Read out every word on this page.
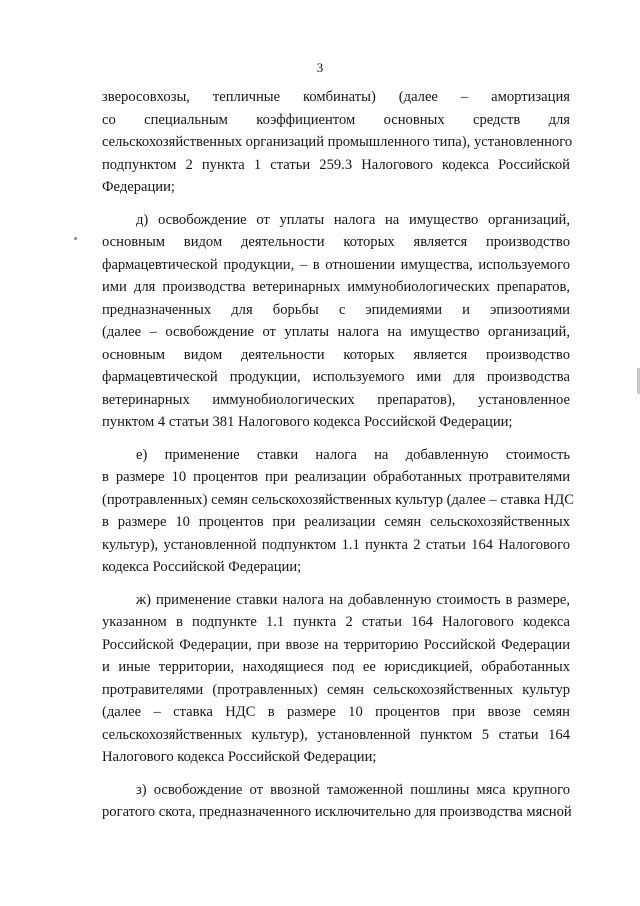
3

зверосовхозы, тепличные комбинаты) (далее – амортизация
со специальным коэффициентом основных средств для
сельскохозяйственных организаций промышленного типа), установленного
подпунктом 2 пункта 1 статьи 259.3 Налогового кодекса Российской
Федерации;

д) освобождение от уплаты налога на имущество организаций,
основным видом деятельности которых является производство
фармацевтической продукции, – в отношении имущества, используемого
ими для производства ветеринарных иммунобиологических препаратов,
предназначенных для борьбы с эпидемиями и эпизоотиями
(далее – освобождение от уплаты налога на имущество организаций,
основным видом деятельности которых является производство
фармацевтической продукции, используемого ими для производства
ветеринарных иммунобиологических препаратов), установленное
пунктом 4 статьи 381 Налогового кодекса Российской Федерации;

е) применение ставки налога на добавленную стоимость
в размере 10 процентов при реализации обработанных протравителями
(протравленных) семян сельскохозяйственных культур (далее – ставка НДС
в размере 10 процентов при реализации семян сельскохозяйственных
культур), установленной подпунктом 1.1 пункта 2 статьи 164 Налогового
кодекса Российской Федерации;

ж) применение ставки налога на добавленную стоимость в размере,
указанном в подпункте 1.1 пункта 2 статьи 164 Налогового кодекса
Российской Федерации, при ввозе на территорию Российской Федерации
и иные территории, находящиеся под ее юрисдикцией, обработанных
протравителями (протравленных) семян сельскохозяйственных культур
(далее – ставка НДС в размере 10 процентов при ввозе семян
сельскохозяйственных культур), установленной пунктом 5 статьи 164
Налогового кодекса Российской Федерации;

з) освобождение от ввозной таможенной пошлины мяса крупного
рогатого скота, предназначенного исключительно для производства мясной
